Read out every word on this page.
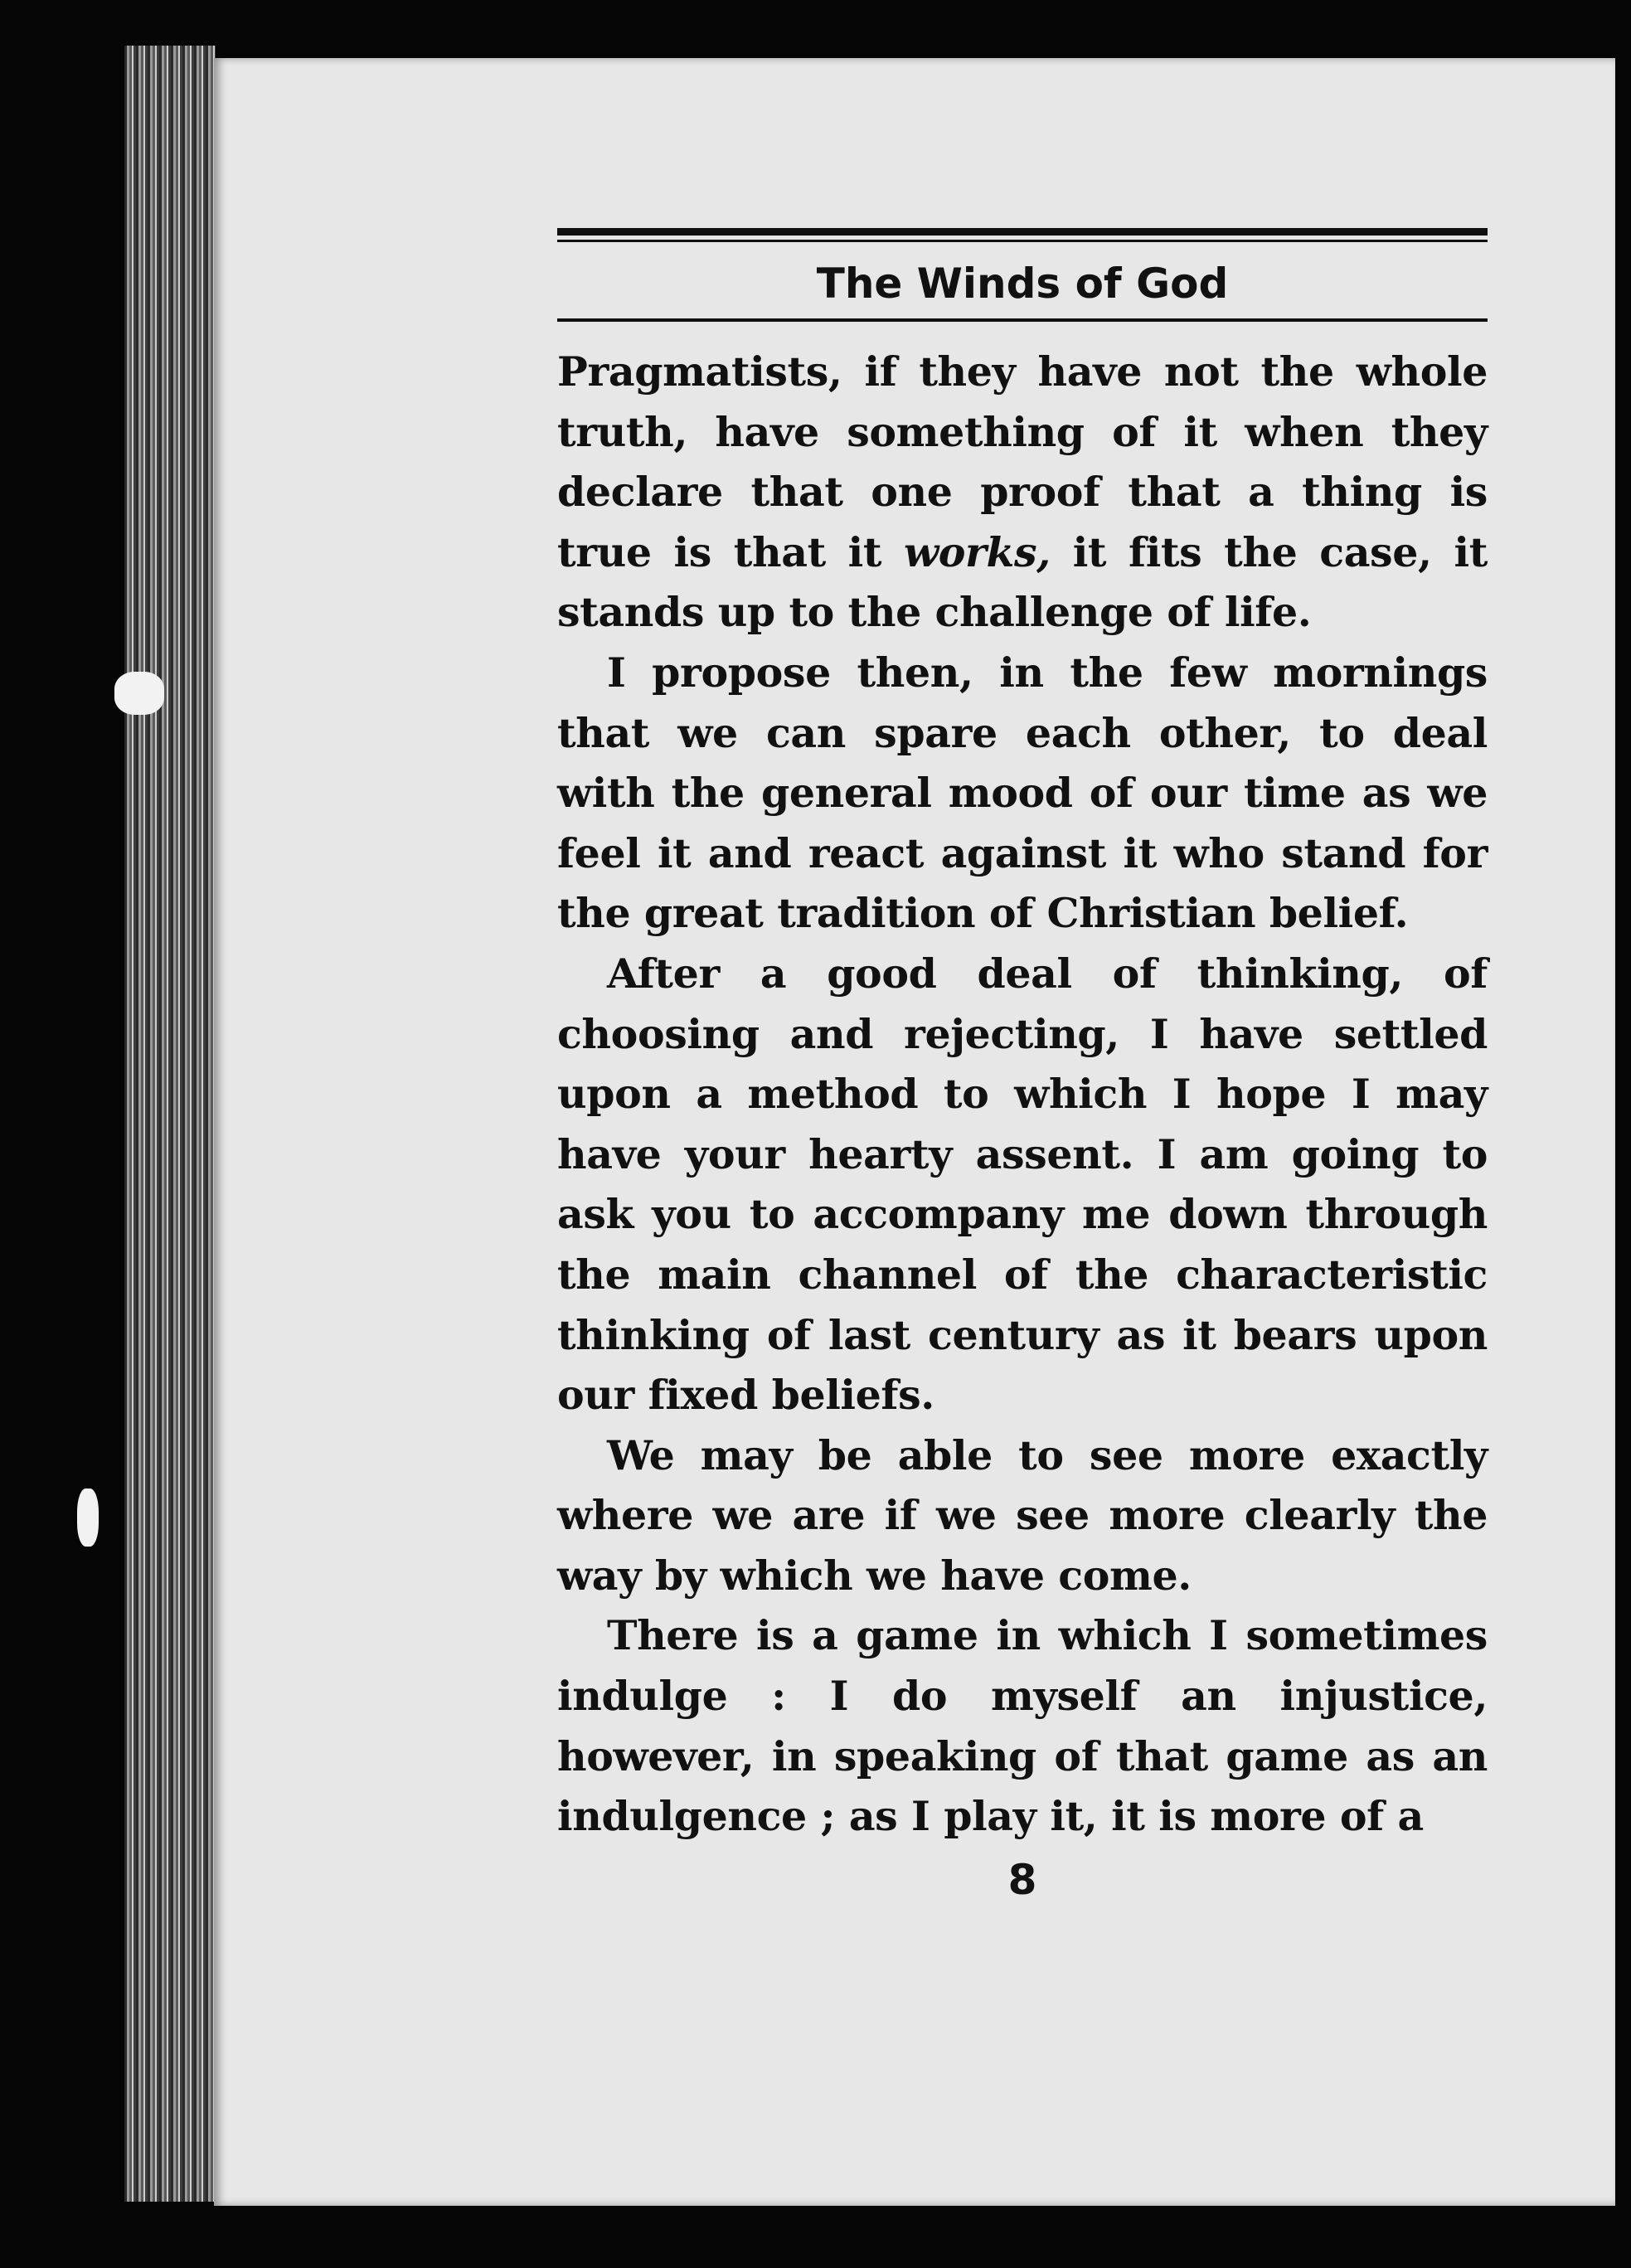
The Winds of God

Pragmatists, if they have not the whole truth, have something of it when they declare that one proof that a thing is true is that it works, it fits the case, it stands up to the challenge of life.

I propose then, in the few mornings that we can spare each other, to deal with the general mood of our time as we feel it and react against it who stand for the great tradition of Christian belief.

After a good deal of thinking, of choosing and rejecting, I have settled upon a method to which I hope I may have your hearty assent. I am going to ask you to accompany me down through the main channel of the characteristic thinking of last century as it bears upon our fixed beliefs.

We may be able to see more exactly where we are if we see more clearly the way by which we have come.

There is a game in which I sometimes indulge : I do myself an injustice, however, in speaking of that game as an indulgence ; as I play it, it is more of a

8
